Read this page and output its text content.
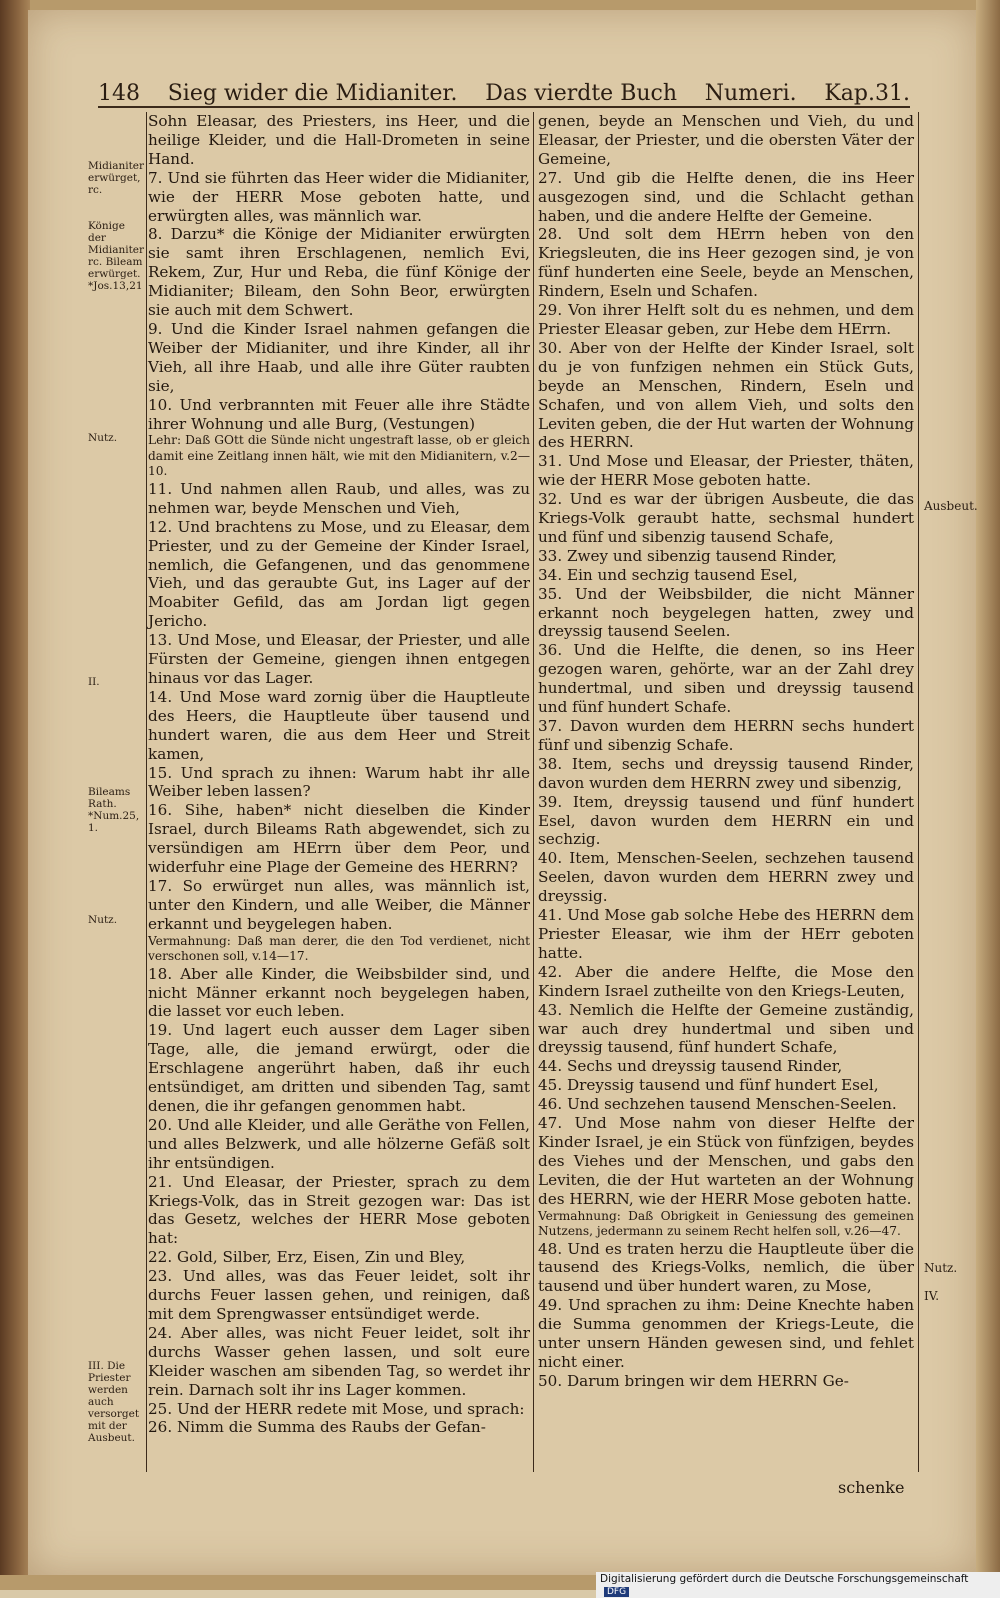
148 Sieg wider die Midianiter. Das vierdte Buch Numeri. Kap.31.

Sohn Eleasar, des Priesters, ins Heer, und die heilige Kleider, und die Hall-Drometen in seine Hand.

7. Und sie führten das Heer wider die Midianiter, wie der HERR Mose geboten hatte, und erwürgten alles, was männlich war.

8. Darzu* die Könige der Midianiter erwürgten sie samt ihren Erschlagenen, nemlich Evi, Rekem, Zur, Hur und Reba, die fünf Könige der Midianiter; Bileam, den Sohn Beor, erwürgten sie auch mit dem Schwert.

9. Und die Kinder Israel nahmen gefangen die Weiber der Midianiter, und ihre Kinder, all ihr Vieh, all ihre Haab, und alle ihre Güter raubten sie,

10. Und verbrannten mit Feuer alle ihre Städte ihrer Wohnung und alle Burg, (Vestungen)

Lehr: Daß GOtt die Sünde nicht ungestraft lasse, ob er gleich damit eine Zeitlang innen hält, wie mit den Midianitern, v.2—10.

11. Und nahmen allen Raub, und alles, was zu nehmen war, beyde Menschen und Vieh,

12. Und brachtens zu Mose, und zu Eleasar, dem Priester, und zu der Gemeine der Kinder Israel, nemlich, die Gefangenen, und das genommene Vieh, und das geraubte Gut, ins Lager auf der Moabiter Gefild, das am Jordan ligt gegen Jericho.

13. Und Mose, und Eleasar, der Priester, und alle Fürsten der Gemeine, giengen ihnen entgegen hinaus vor das Lager.

14. Und Mose ward zornig über die Hauptleute des Heers, die Hauptleute über tausend und hundert waren, die aus dem Heer und Streit kamen,

15. Und sprach zu ihnen: Warum habt ihr alle Weiber leben lassen?

16. Sihe, haben* nicht dieselben die Kinder Israel, durch Bileams Rath abgewendet, sich zu versündigen am HErrn über dem Peor, und widerfuhr eine Plage der Gemeine des HERRN?

17. So erwürget nun alles, was männlich ist, unter den Kindern, und alle Weiber, die Männer erkannt und beygelegen haben.

Vermahnung: Daß man derer, die den Tod verdienet, nicht verschonen soll, v.14—17.

18. Aber alle Kinder, die Weibsbilder sind, und nicht Männer erkannt noch beygelegen haben, die lasset vor euch leben.

19. Und lagert euch ausser dem Lager siben Tage, alle, die jemand erwürgt, oder die Erschlagene angerührt haben, daß ihr euch entsündiget, am dritten und sibenden Tag, samt denen, die ihr gefangen genommen habt.

20. Und alle Kleider, und alle Geräthe von Fellen, und alles Belzwerk, und alle hölzerne Gefäß solt ihr entsündigen.

21. Und Eleasar, der Priester, sprach zu dem Kriegs-Volk, das in Streit gezogen war: Das ist das Gesetz, welches der HERR Mose geboten hat:

22. Gold, Silber, Erz, Eisen, Zin und Bley,

23. Und alles, was das Feuer leidet, solt ihr durchs Feuer lassen gehen, und reinigen, daß mit dem Sprengwasser entsündiget werde.

24. Aber alles, was nicht Feuer leidet, solt ihr durchs Wasser gehen lassen, und solt eure Kleider waschen am sibenden Tag, so werdet ihr rein. Darnach solt ihr ins Lager kommen.

25. Und der HERR redete mit Mose, und sprach:

26. Nimm die Summa des Raubs der Gefan-

genen, beyde an Menschen und Vieh, du und Eleasar, der Priester, und die obersten Väter der Gemeine,

27. Und gib die Helfte denen, die ins Heer ausgezogen sind, und die Schlacht gethan haben, und die andere Helfte der Gemeine.

28. Und solt dem HErrn heben von den Kriegsleuten, die ins Heer gezogen sind, je von fünf hunderten eine Seele, beyde an Menschen, Rindern, Eseln und Schafen.

29. Von ihrer Helft solt du es nehmen, und dem Priester Eleasar geben, zur Hebe dem HErrn.

30. Aber von der Helfte der Kinder Israel, solt du je von funfzigen nehmen ein Stück Guts, beyde an Menschen, Rindern, Eseln und Schafen, und von allem Vieh, und solts den Leviten geben, die der Hut warten der Wohnung des HERRN.

31. Und Mose und Eleasar, der Priester, thäten, wie der HERR Mose geboten hatte.

32. Und es war der übrigen Ausbeute, die das Kriegs-Volk geraubt hatte, sechsmal hundert und fünf und sibenzig tausend Schafe,

33. Zwey und sibenzig tausend Rinder,

34. Ein und sechzig tausend Esel,

35. Und der Weibsbilder, die nicht Männer erkannt noch beygelegen hatten, zwey und dreyssig tausend Seelen.

36. Und die Helfte, die denen, so ins Heer gezogen waren, gehörte, war an der Zahl drey hundertmal, und siben und dreyssig tausend und fünf hundert Schafe.

37. Davon wurden dem HERRN sechs hundert fünf und sibenzig Schafe.

38. Item, sechs und dreyssig tausend Rinder, davon wurden dem HERRN zwey und sibenzig,

39. Item, dreyssig tausend und fünf hundert Esel, davon wurden dem HERRN ein und sechzig.

40. Item, Menschen-Seelen, sechzehen tausend Seelen, davon wurden dem HERRN zwey und dreyssig.

41. Und Mose gab solche Hebe des HERRN dem Priester Eleasar, wie ihm der HErr geboten hatte.

42. Aber die andere Helfte, die Mose den Kindern Israel zutheilte von den Kriegs-Leuten,

43. Nemlich die Helfte der Gemeine zuständig, war auch drey hundertmal und siben und dreyssig tausend, fünf hundert Schafe,

44. Sechs und dreyssig tausend Rinder,

45. Dreyssig tausend und fünf hundert Esel,

46. Und sechzehen tausend Menschen-Seelen.

47. Und Mose nahm von dieser Helfte der Kinder Israel, je ein Stück von fünfzigen, beydes des Viehes und der Menschen, und gabs den Leviten, die der Hut warteten an der Wohnung des HERRN, wie der HERR Mose geboten hatte.

Vermahnung: Daß Obrigkeit in Geniessung des gemeinen Nutzens, jedermann zu seinem Recht helfen soll, v.26—47.

48. Und es traten herzu die Hauptleute über die tausend des Kriegs-Volks, nemlich, die über tausend und über hundert waren, zu Mose,

49. Und sprachen zu ihm: Deine Knechte haben die Summa genommen der Kriegs-Leute, die unter unsern Händen gewesen sind, und fehlet nicht einer.

50. Darum bringen wir dem HERRN Ge-

Midianiter erwürget, rc.
Könige der Midianiter rc. Bileam erwürget. *Jos.13,21
Nutz.
II.
Bileams Rath. *Num.25, 1.
Nutz.
III. Die Priester werden auch versorget mit der Ausbeut.
Ausbeut.
Nutz.
IV.
schenke
Digitalisierung gefördert durch die Deutsche ForschungsgemeinschaftDFG
